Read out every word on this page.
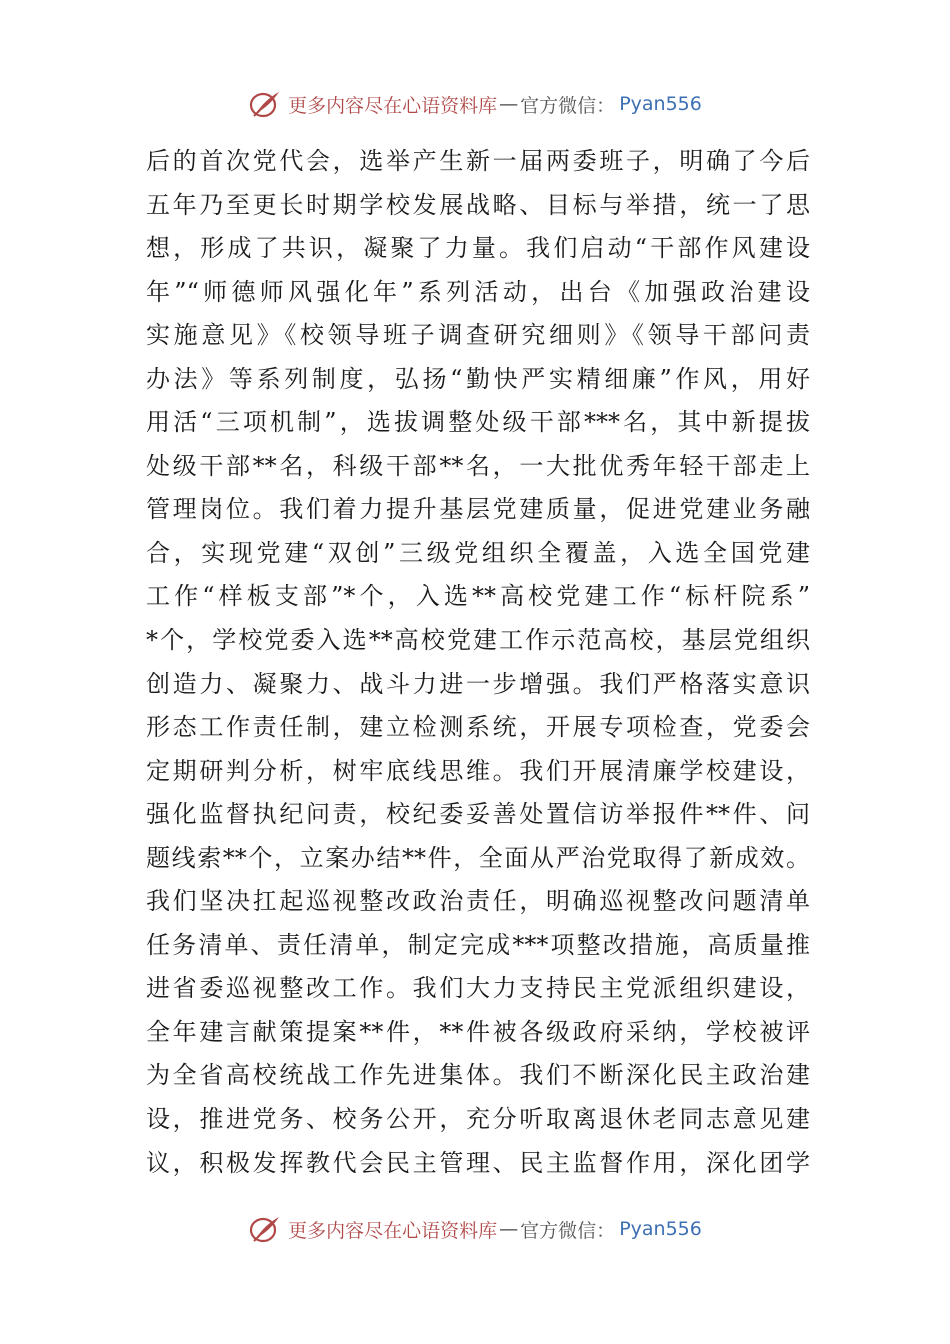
更多内容尽在心语资料库 — 官方微信： Pyan556
后的首次党代会，选举产生新一届两委班子，明确了今后
五年乃至更长时期学校发展战略、目标与举措，统一了思
想，形成了共识，凝聚了力量。我们启动“干部作风建设
年”“师德师风强化年”系列活动，出台《加强政治建设
实施意见》《校领导班子调查研究细则》《领导干部问责
办法》等系列制度，弘扬“勤快严实精细廉”作风，用好
用活“三项机制”，选拔调整处级干部***名，其中新提拔
处级干部**名，科级干部**名，一大批优秀年轻干部走上
管理岗位。我们着力提升基层党建质量，促进党建业务融
合，实现党建“双创”三级党组织全覆盖，入选全国党建
工作“样板支部”*个，入选**高校党建工作“标杆院系”
*个，学校党委入选**高校党建工作示范高校，基层党组织
创造力、凝聚力、战斗力进一步增强。我们严格落实意识
形态工作责任制，建立检测系统，开展专项检查，党委会
定期研判分析，树牢底线思维。我们开展清廉学校建设，
强化监督执纪问责，校纪委妥善处置信访举报件**件、问
题线索**个，立案办结**件，全面从严治党取得了新成效。
我们坚决扛起巡视整改政治责任，明确巡视整改问题清单
任务清单、责任清单，制定完成***项整改措施，高质量推
进省委巡视整改工作。我们大力支持民主党派组织建设，
全年建言献策提案**件，**件被各级政府采纳，学校被评
为全省高校统战工作先进集体。我们不断深化民主政治建
设，推进党务、校务公开，充分听取离退休老同志意见建
议，积极发挥教代会民主管理、民主监督作用，深化团学
更多内容尽在心语资料库 — 官方微信： Pyan556
